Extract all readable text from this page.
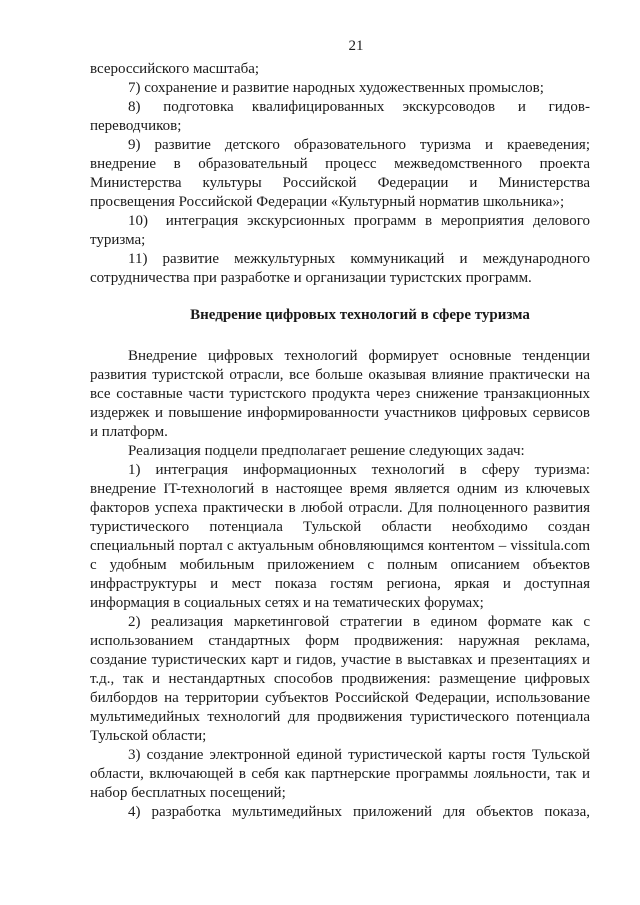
21
всероссийского масштаба;
7) сохранение и развитие народных художественных промыслов;
8)     подготовка    квалифицированных    экскурсоводов     и     гидов-
переводчиков;
9)  развитие  детского  образовательного  туризма  и  краеведения;
внедрение   в   образовательный   процесс   межведомственного   проекта
Министерства    культуры    Российской    Федерации    и    Министерства
просвещения Российской Федерации «Культурный норматив школьника»;
10)  интеграция экскурсионных программ в мероприятия делового
туризма;
11)  развитие  межкультурных  коммуникаций  и  международного
сотрудничества при разработке и организации туристских программ.
Внедрение цифровых технологий в сфере туризма
Внедрение  цифровых  технологий  формирует  основные  тенденции
развития туристской отрасли, все больше оказывая влияние практически на
все составные части туристского продукта через снижение транзакционных
издержек и повышение информированности участников цифровых сервисов
и платформ.
Реализация подцели предполагает решение следующих задач:
1)   интеграция   информационных   технологий   в   сферу   туризма:
внедрение IT-технологий в настоящее время является одним из ключевых
факторов успеха практически в любой отрасли. Для полноценного развития
туристического    потенциала    Тульской    области    необходимо    создан
специальный портал с актуальным обновляющимся контентом – vissitula.com
с  удобным  мобильным  приложением  с  полным  описанием  объектов
инфраструктуры  и  мест  показа  гостям  региона,  яркая  и  доступная
информация в социальных сетях и на тематических форумах;
2)  реализация  маркетинговой  стратегии  в  едином  формате  как  с
использованием   стандартных   форм   продвижения:   наружная   реклама,
создание туристических карт и гидов, участие в выставках и презентациях и
т.д.,  так  и  нестандартных  способов  продвижения:  размещение  цифровых
билбордов на территории субъектов Российской Федерации, использование
мультимедийных технологий для продвижения туристического потенциала
Тульской области;
3) создание электронной единой туристической карты гостя Тульской
области, включающей в себя как партнерские программы лояльности, так и
набор бесплатных посещений;
4)  разработка  мультимедийных  приложений  для  объектов  показа,
